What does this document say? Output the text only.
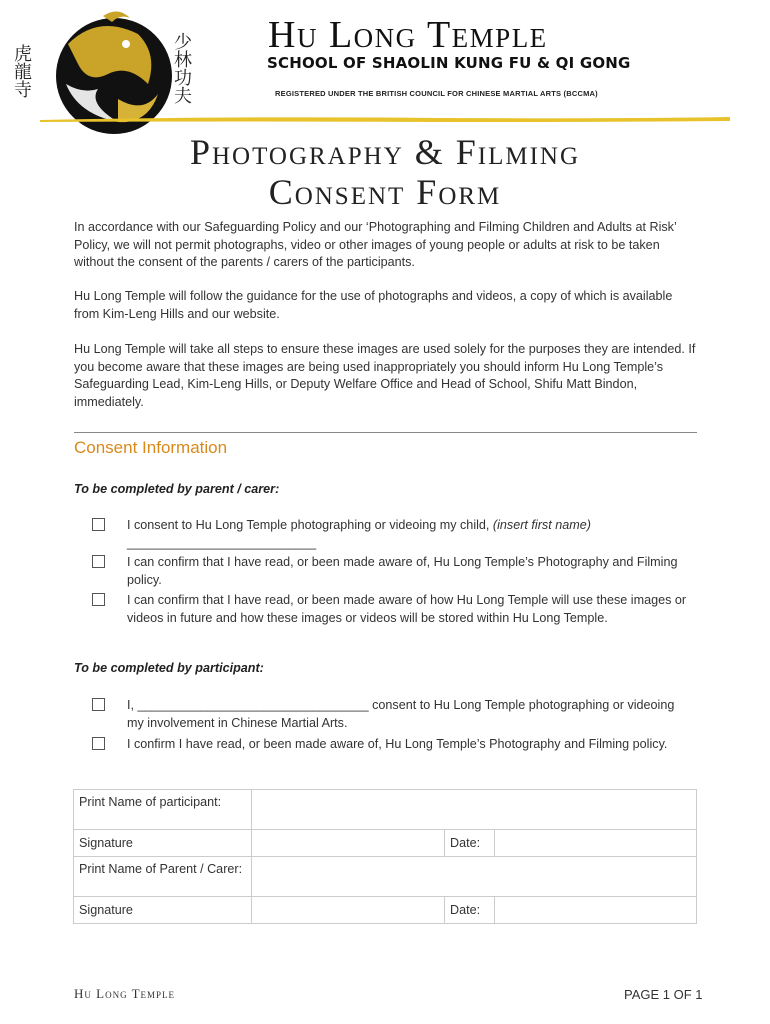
虎龍寺	少林功夫 Hu Long Temple
SCHOOL OF SHAOLIN KUNG FU & QI GONG
REGISTERED UNDER THE BRITISH COUNCIL FOR CHINESE MARTIAL ARTS (BCCMA)
Photography & Filming
Consent Form

In accordance with our Safeguarding Policy and our ‘Photographing and Filming Children and Adults at Risk’ Policy, we will not permit photographs, video or other images of young people or adults at risk to be taken without the consent of the parents / carers of the participants.

Hu Long Temple will follow the guidance for the use of photographs and videos, a copy of which is available from Kim-Leng Hills and our website.

Hu Long Temple will take all steps to ensure these images are used solely for the purposes they are intended. If you become aware that these images are being used inappropriately you should inform Hu Long Temple’s Safeguarding Lead, Kim-Leng Hills, or Deputy Welfare Office and Head of School, Shifu Matt Bindon, immediately.

Consent Information
To be completed by parent / carer:
I consent to Hu Long Temple photographing or videoing my child, (insert first name)
___________________________
I can confirm that I have read, or been made aware of, Hu Long Temple’s Photography and Filming policy.
I can confirm that I have read, or been made aware of how Hu Long Temple will use these images or videos in future and how these images or videos will be stored within Hu Long Temple.
To be completed by participant:
I, _________________________________ consent to Hu Long Temple photographing or videoing my involvement in Chinese Martial Arts.
I confirm I have read, or been made aware of, Hu Long Temple’s Photography and Filming policy.
Print Name of participant:			
Signature		Date:	
Print Name of Parent / Carer:			
Signature		Date:	
Hu Long Temple	PAGE 1 OF 1
